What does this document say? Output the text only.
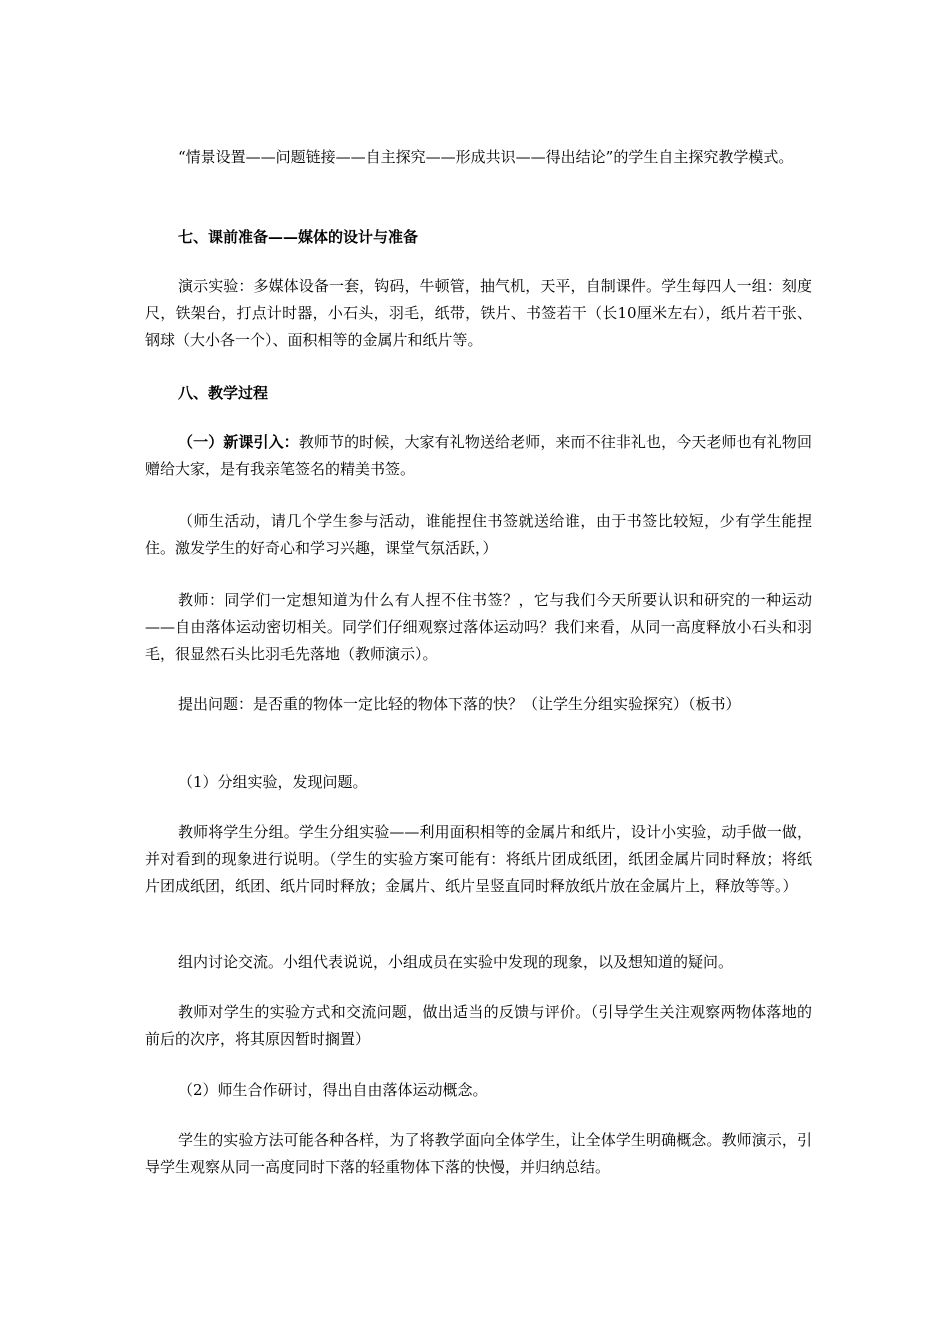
“情景设置——问题链接——自主探究——形成共识——得出结论”的学生自主探究教学模式。

七、课前准备——媒体的设计与准备

演示实验：多媒体设备一套，钩码，牛顿管，抽气机，天平，自制课件。学生每四人一组：刻度尺，铁架台，打点计时器，小石头，羽毛，纸带，铁片、书签若干（长10厘米左右），纸片若干张、钢球（大小各一个）、面积相等的金属片和纸片等。

八、教学过程

（一）新课引入：教师节的时候，大家有礼物送给老师，来而不往非礼也，今天老师也有礼物回赠给大家，是有我亲笔签名的精美书签。

（师生活动，请几个学生参与活动，谁能捏住书签就送给谁，由于书签比较短，少有学生能捏住。激发学生的好奇心和学习兴趣，课堂气氛活跃，）

教师：同学们一定想知道为什么有人捏不住书签？，它与我们今天所要认识和研究的一种运动——自由落体运动密切相关。同学们仔细观察过落体运动吗？我们来看，从同一高度释放小石头和羽毛，很显然石头比羽毛先落地（教师演示）。

提出问题：是否重的物体一定比轻的物体下落的快？（让学生分组实验探究）（板书）

（1）分组实验，发现问题。

教师将学生分组。学生分组实验——利用面积相等的金属片和纸片，设计小实验，动手做一做，并对看到的现象进行说明。（学生的实验方案可能有：将纸片团成纸团，纸团金属片同时释放；将纸片团成纸团，纸团、纸片同时释放；金属片、纸片呈竖直同时释放纸片放在金属片上，释放等等。）

组内讨论交流。小组代表说说，小组成员在实验中发现的现象，以及想知道的疑问。

教师对学生的实验方式和交流问题，做出适当的反馈与评价。（引导学生关注观察两物体落地的前后的次序，将其原因暂时搁置）

（2）师生合作研讨，得出自由落体运动概念。

学生的实验方法可能各种各样，为了将教学面向全体学生，让全体学生明确概念。教师演示，引导学生观察从同一高度同时下落的轻重物体下落的快慢，并归纳总结。
